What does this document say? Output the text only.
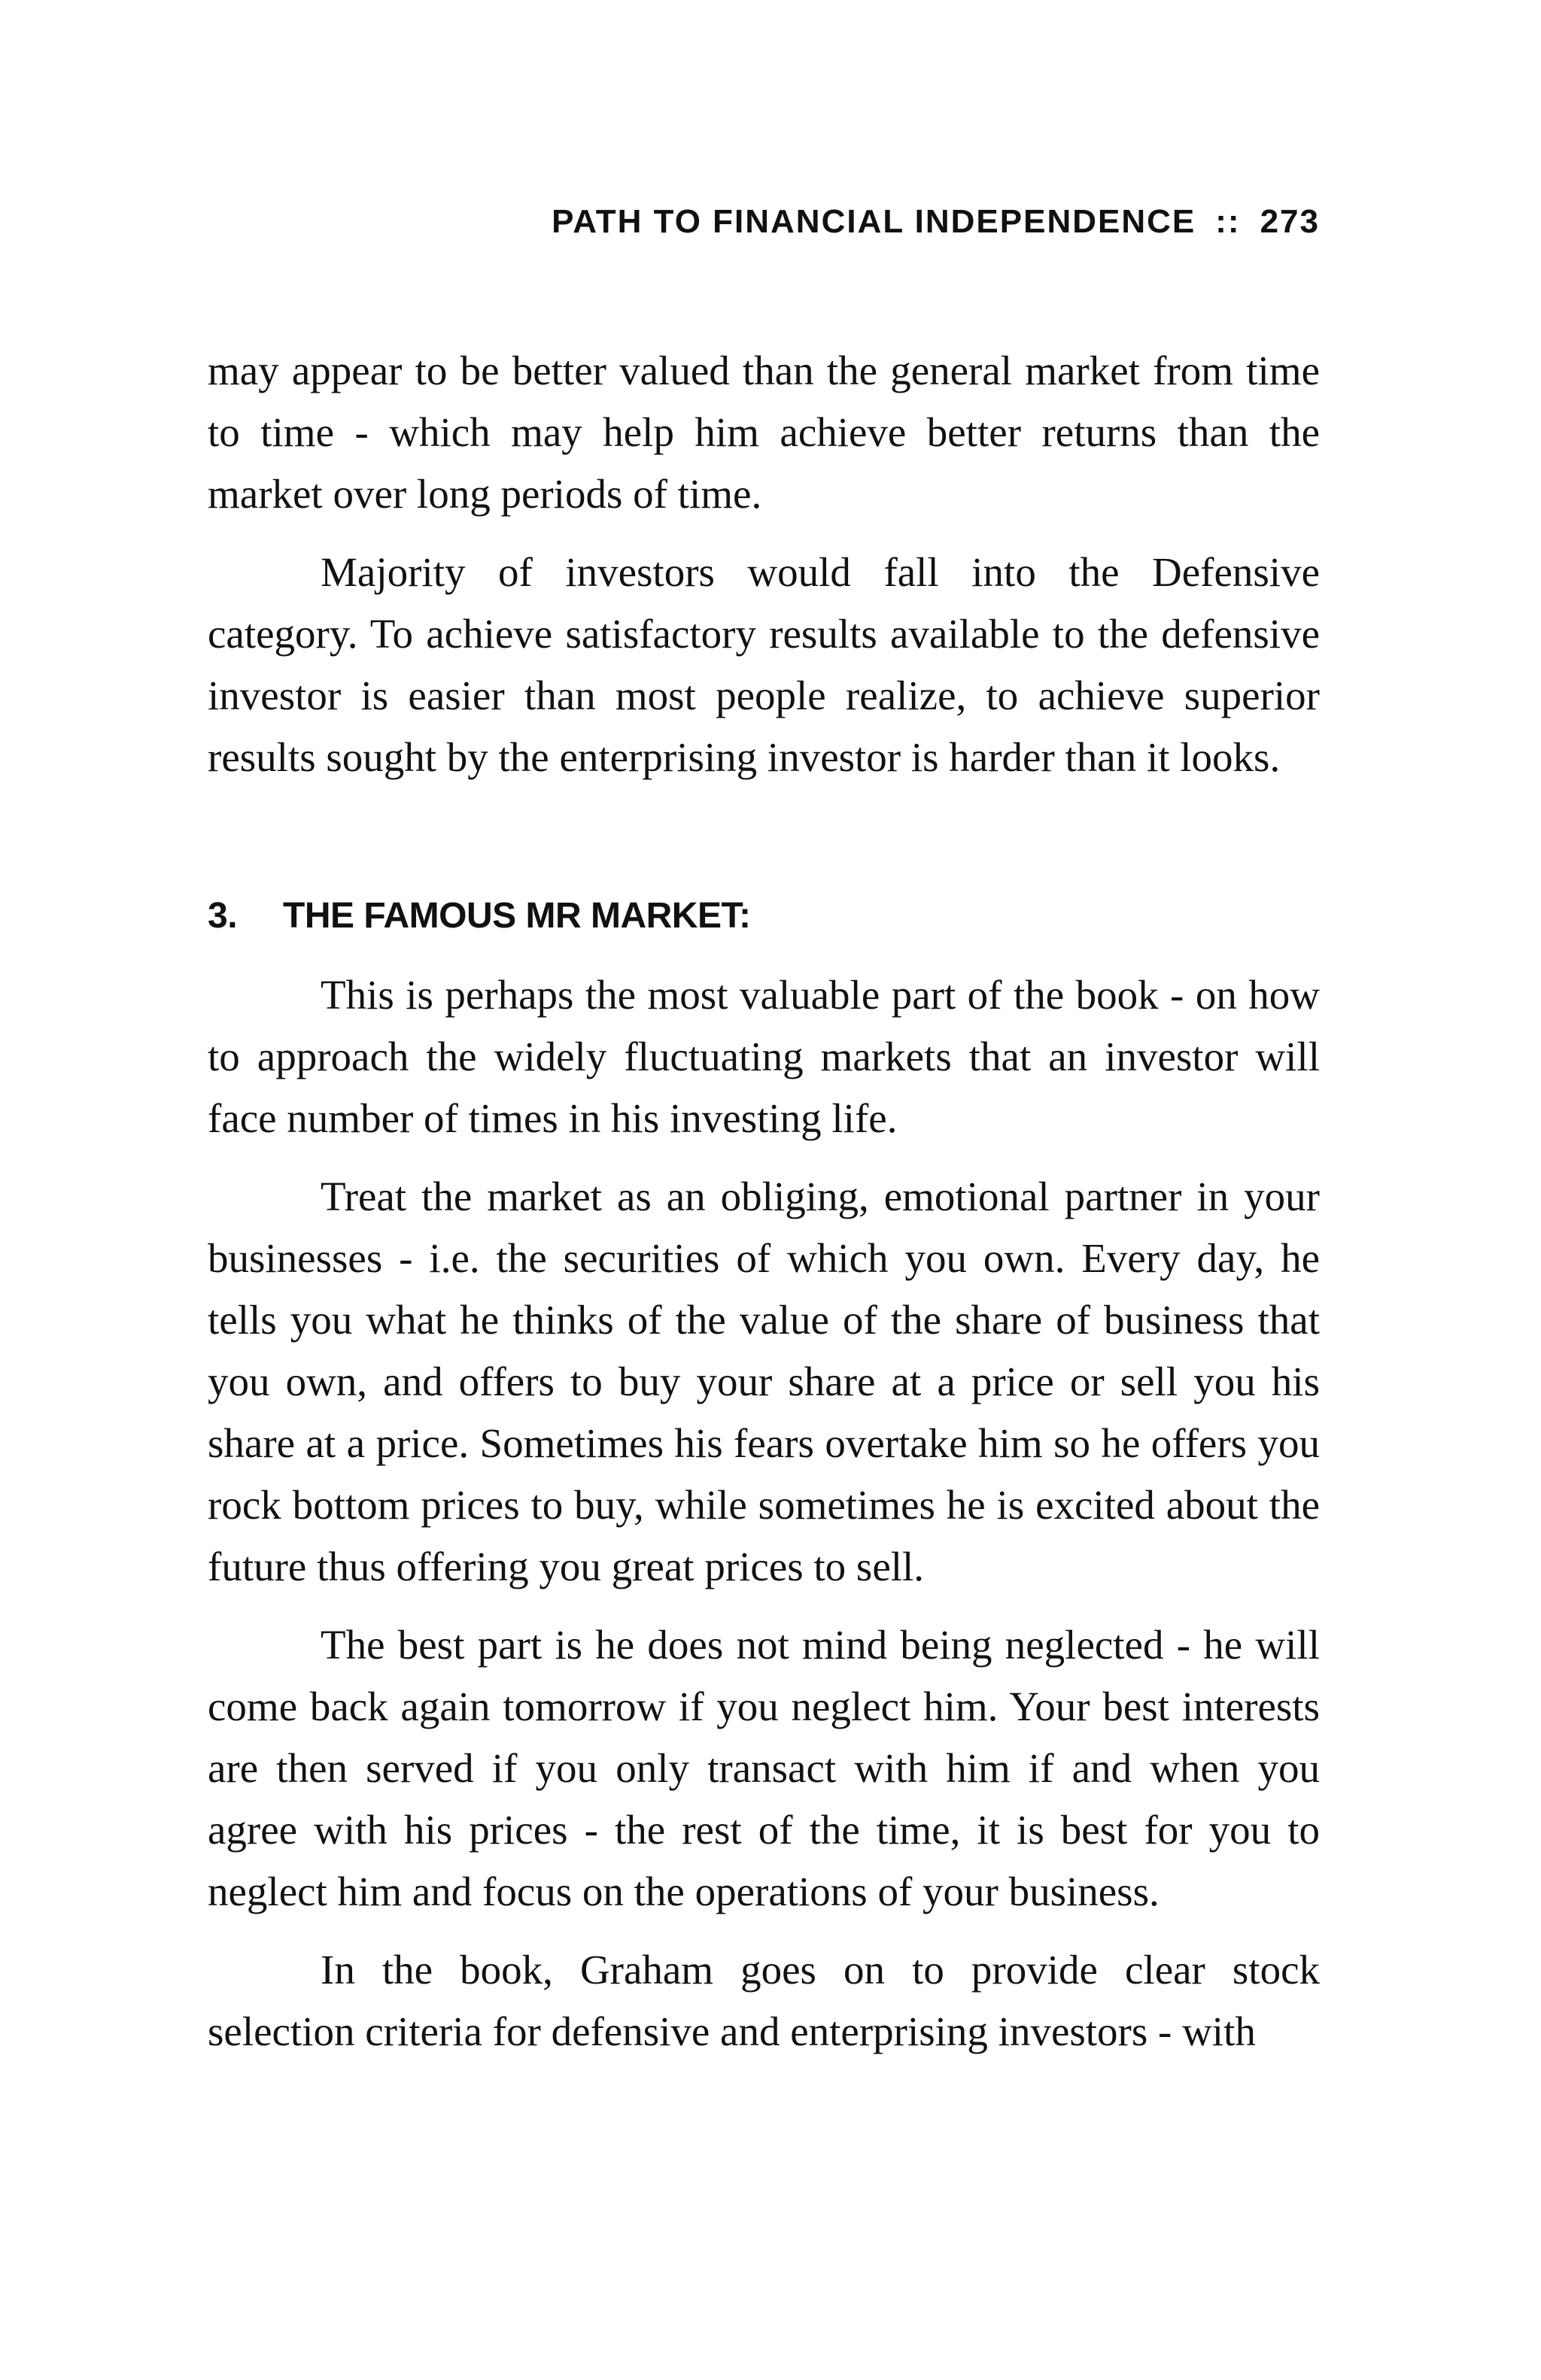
PATH TO FINANCIAL INDEPENDENCE :: 273

may appear to be better valued than the general market from time to time - which may help him achieve better returns than the market over long periods of time.

Majority of investors would fall into the Defensive category. To achieve satisfactory results available to the defensive investor is easier than most people realize, to achieve superior results sought by the enterprising investor is harder than it looks.

3. THE FAMOUS MR MARKET:

This is perhaps the most valuable part of the book - on how to approach the widely fluctuating markets that an investor will face number of times in his investing life.

Treat the market as an obliging, emotional partner in your businesses - i.e. the securities of which you own. Every day, he tells you what he thinks of the value of the share of business that you own, and offers to buy your share at a price or sell you his share at a price. Sometimes his fears overtake him so he offers you rock bottom prices to buy, while sometimes he is excited about the future thus offering you great prices to sell.

The best part is he does not mind being neglected - he will come back again tomorrow if you neglect him. Your best interests are then served if you only transact with him if and when you agree with his prices - the rest of the time, it is best for you to neglect him and focus on the operations of your business.

In the book, Graham goes on to provide clear stock selection criteria for defensive and enterprising investors - with
